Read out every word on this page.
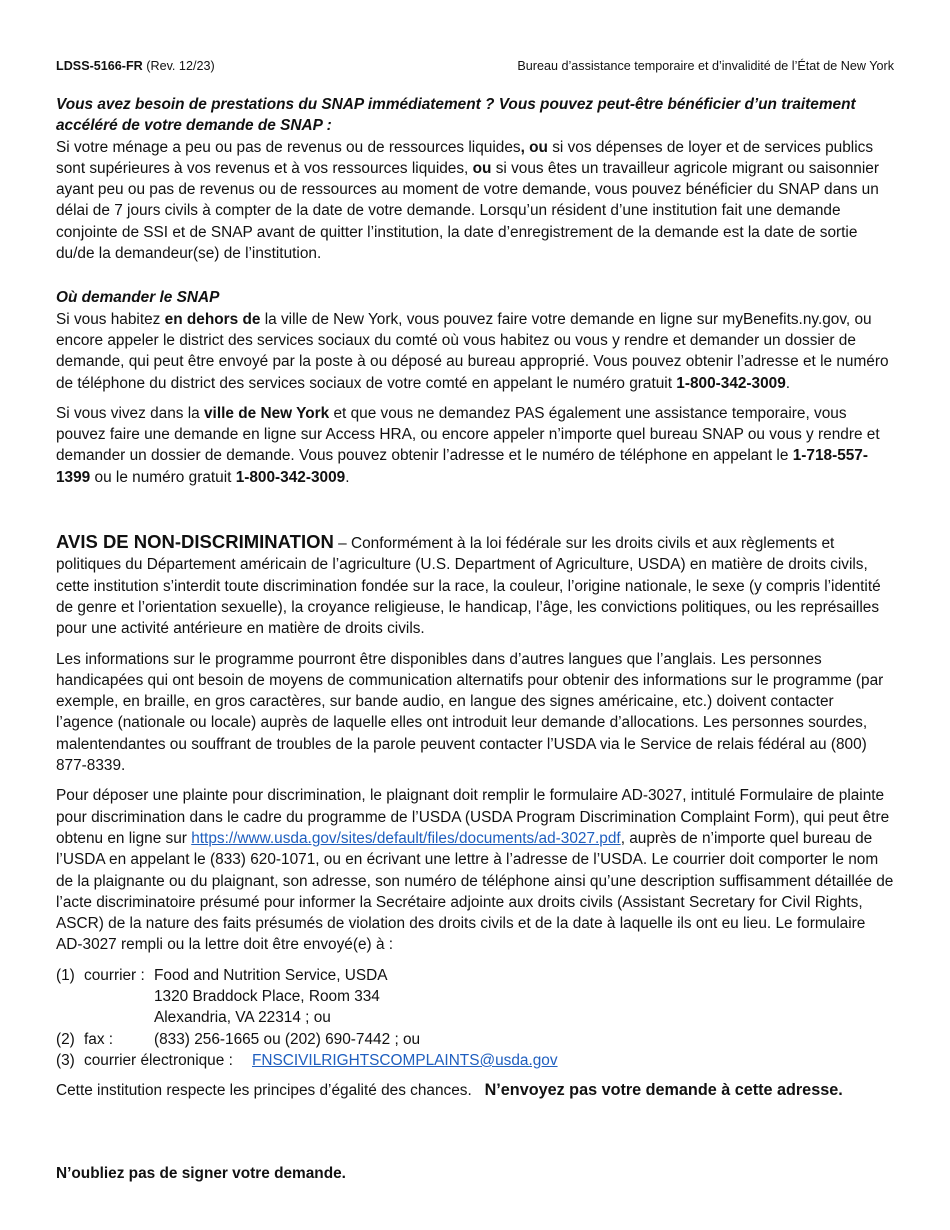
LDSS-5166-FR (Rev. 12/23)	Bureau d’assistance temporaire et d’invalidité de l’État de New York

Vous avez besoin de prestations du SNAP immédiatement ? Vous pouvez peut-être bénéficier d’un traitement accéléré de votre demande de SNAP :

Si votre ménage a peu ou pas de revenus ou de ressources liquides, ou si vos dépenses de loyer et de services publics sont supérieures à vos revenus et à vos ressources liquides, ou si vous êtes un travailleur agricole migrant ou saisonnier ayant peu ou pas de revenus ou de ressources au moment de votre demande, vous pouvez bénéficier du SNAP dans un délai de 7 jours civils à compter de la date de votre demande. Lorsqu’un résident d’une institution fait une demande conjointe de SSI et de SNAP avant de quitter l’institution, la date d’enregistrement de la demande est la date de sortie du/de la demandeur(se) de l’institution.

Où demander le SNAP

Si vous habitez en dehors de la ville de New York, vous pouvez faire votre demande en ligne sur myBenefits.ny.gov, ou encore appeler le district des services sociaux du comté où vous habitez ou vous y rendre et demander un dossier de demande, qui peut être envoyé par la poste à ou déposé au bureau approprié. Vous pouvez obtenir l’adresse et le numéro de téléphone du district des services sociaux de votre comté en appelant le numéro gratuit 1-800-342-3009.

Si vous vivez dans la ville de New York et que vous ne demandez PAS également une assistance temporaire, vous pouvez faire une demande en ligne sur Access HRA, ou encore appeler n’importe quel bureau SNAP ou vous y rendre et demander un dossier de demande. Vous pouvez obtenir l’adresse et le numéro de téléphone en appelant le 1-718-557-1399 ou le numéro gratuit 1-800-342-3009.

AVIS DE NON-DISCRIMINATION – Conformément à la loi fédérale sur les droits civils et aux règlements et politiques du Département américain de l’agriculture (U.S. Department of Agriculture, USDA) en matière de droits civils, cette institution s’interdit toute discrimination fondée sur la race, la couleur, l’origine nationale, le sexe (y compris l’identité de genre et l’orientation sexuelle), la croyance religieuse, le handicap, l’âge, les convictions politiques, ou les représailles pour une activité antérieure en matière de droits civils.

Les informations sur le programme pourront être disponibles dans d’autres langues que l’anglais. Les personnes handicapées qui ont besoin de moyens de communication alternatifs pour obtenir des informations sur le programme (par exemple, en braille, en gros caractères, sur bande audio, en langue des signes américaine, etc.) doivent contacter l’agence (nationale ou locale) auprès de laquelle elles ont introduit leur demande d’allocations. Les personnes sourdes, malentendantes ou souffrant de troubles de la parole peuvent contacter l’USDA via le Service de relais fédéral au (800) 877-8339.

Pour déposer une plainte pour discrimination, le plaignant doit remplir le formulaire AD-3027, intitulé Formulaire de plainte pour discrimination dans le cadre du programme de l’USDA (USDA Program Discrimination Complaint Form), qui peut être obtenu en ligne sur https://www.usda.gov/sites/default/files/documents/ad-3027.pdf, auprès de n’importe quel bureau de l’USDA en appelant le (833) 620-1071, ou en écrivant une lettre à l’adresse de l’USDA. Le courrier doit comporter le nom de la plaignante ou du plaignant, son adresse, son numéro de téléphone ainsi qu’une description suffisamment détaillée de l’acte discriminatoire présumé pour informer la Secrétaire adjointe aux droits civils (Assistant Secretary for Civil Rights, ASCR) de la nature des faits présumés de violation des droits civils et de la date à laquelle ils ont eu lieu. Le formulaire AD-3027 rempli ou la lettre doit être envoyé(e) à :

(1) courrier : Food and Nutrition Service, USDA
1320 Braddock Place, Room 334
Alexandria, VA 22314 ; ou
(2) fax :	(833) 256-1665 ou (202) 690-7442 ; ou
(3) courrier électronique :	FNSCIVILRIGHTSCOMPLAINTS@usda.gov

Cette institution respecte les principes d’égalité des chances. N’envoyez pas votre demande à cette adresse.

N’oubliez pas de signer votre demande.
